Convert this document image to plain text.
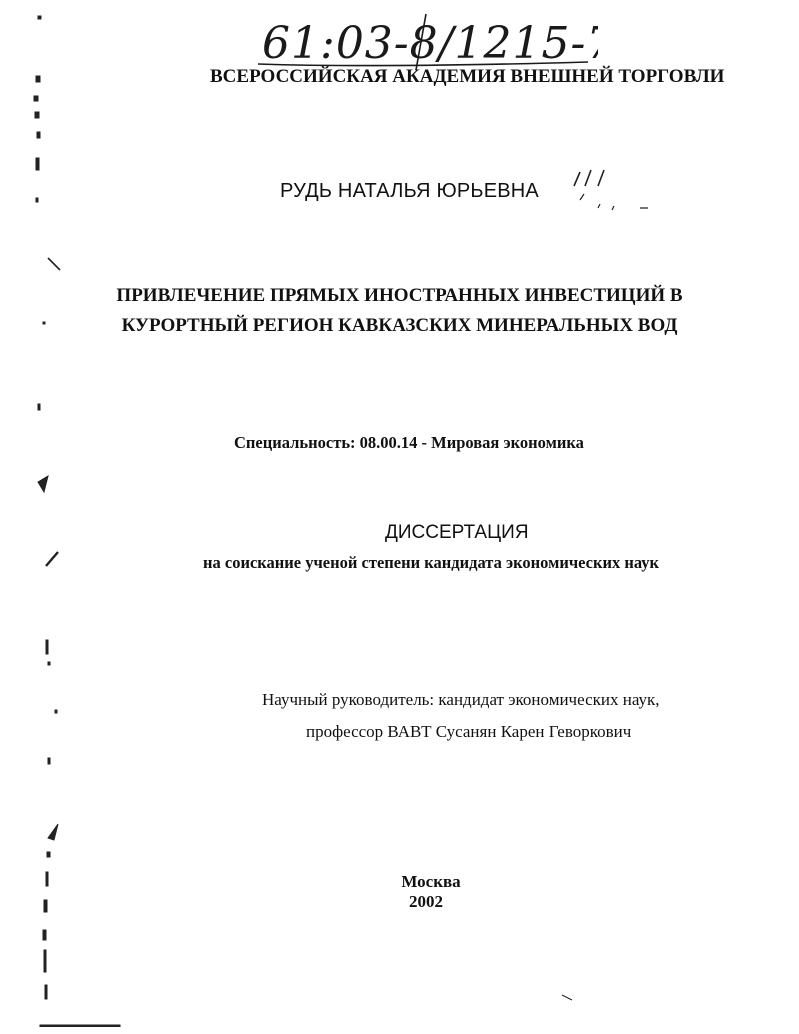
61:03-8/1215-7
ВСЕРОССИЙСКАЯ АКАДЕМИЯ ВНЕШНЕЙ ТОРГОВЛИ
РУДЬ НАТАЛЬЯ ЮРЬЕВНА
ПРИВЛЕЧЕНИЕ ПРЯМЫХ ИНОСТРАННЫХ ИНВЕСТИЦИЙ В
КУРОРТНЫЙ РЕГИОН КАВКАЗСКИХ МИНЕРАЛЬНЫХ ВОД
Специальность: 08.00.14 - Мировая экономика
ДИССЕРТАЦИЯ
на соискание ученой степени кандидата экономических наук
Научный руководитель: кандидат экономических наук,
профессор ВАВТ Сусанян Карен Геворкович
Москва
2002
